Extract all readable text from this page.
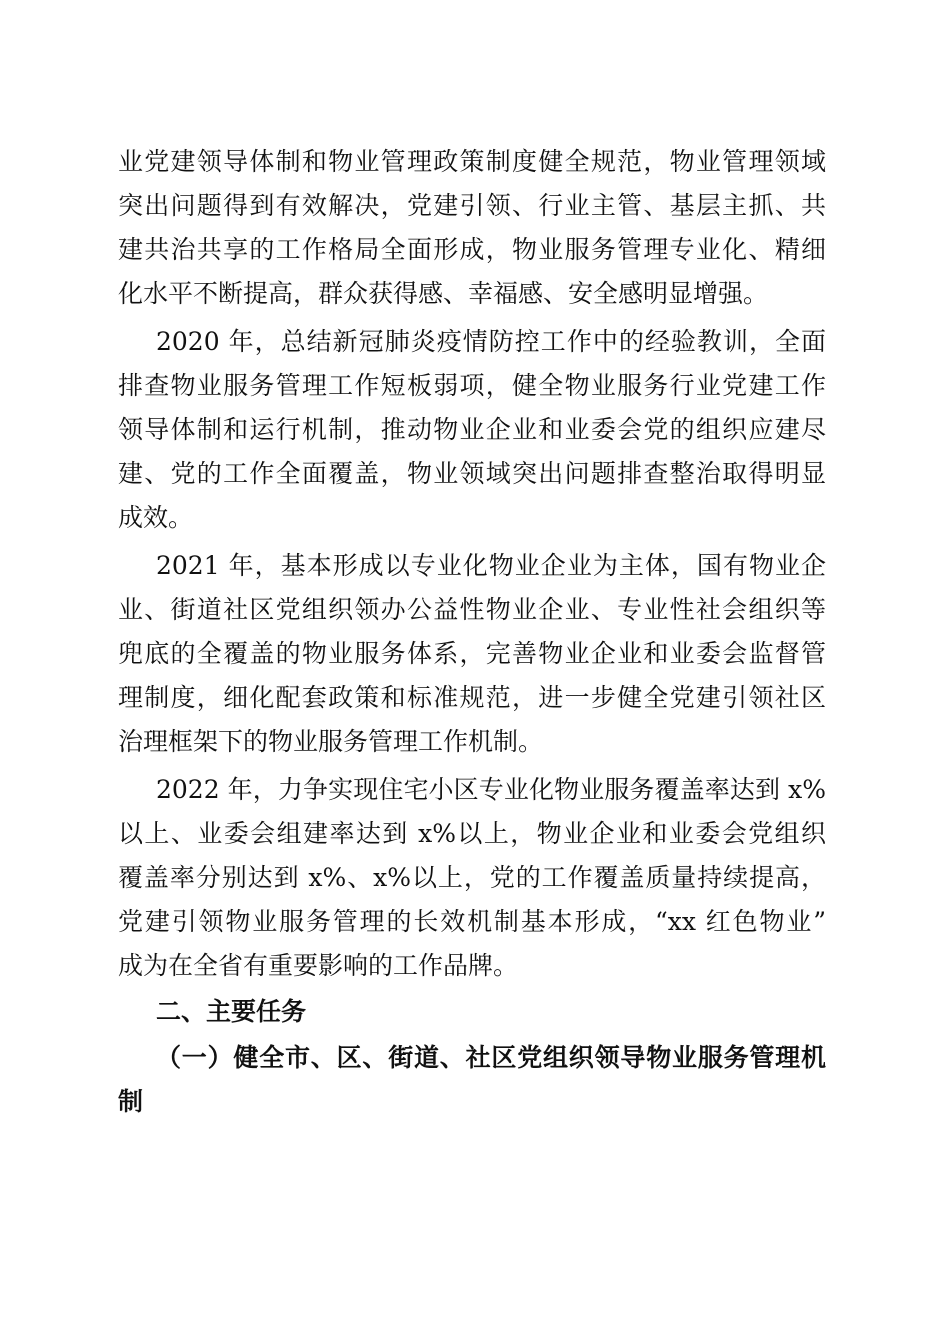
业党建领导体制和物业管理政策制度健全规范，物业管理领域
突出问题得到有效解决，党建引领、行业主管、基层主抓、共
建共治共享的工作格局全面形成，物业服务管理专业化、精细
化水平不断提高，群众获得感、幸福感、安全感明显增强。
2020 年，总结新冠肺炎疫情防控工作中的经验教训，全面
排查物业服务管理工作短板弱项，健全物业服务行业党建工作
领导体制和运行机制，推动物业企业和业委会党的组织应建尽
建、党的工作全面覆盖，物业领域突出问题排查整治取得明显
成效。
2021 年，基本形成以专业化物业企业为主体，国有物业企
业、街道社区党组织领办公益性物业企业、专业性社会组织等
兜底的全覆盖的物业服务体系，完善物业企业和业委会监督管
理制度，细化配套政策和标准规范，进一步健全党建引领社区
治理框架下的物业服务管理工作机制。
2022 年，力争实现住宅小区专业化物业服务覆盖率达到 x%
以上、业委会组建率达到 x%以上，物业企业和业委会党组织
覆盖率分别达到 x%、x%以上，党的工作覆盖质量持续提高，
党建引领物业服务管理的长效机制基本形成，“xx 红色物业”
成为在全省有重要影响的工作品牌。
二、主要任务
（一）健全市、区、街道、社区党组织领导物业服务管理机
制
